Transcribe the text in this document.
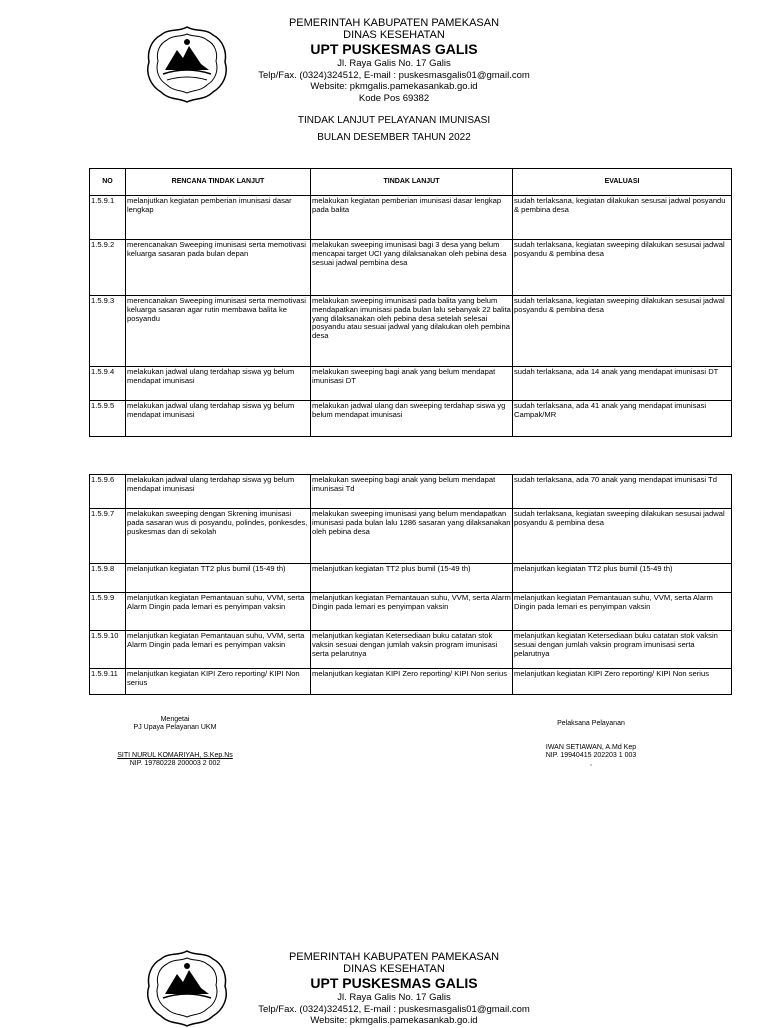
PEMERINTAH KABUPATEN PAMEKASAN
DINAS KESEHATAN
UPT PUSKESMAS GALIS
Jl. Raya Galis No. 17 Galis
Telp/Fax. (0324)324512, E-mail : puskesmasgalis01@gmail.com
Website: pkmgalis.pamekasankab.go.id
Kode Pos 69382
TINDAK LANJUT PELAYANAN IMUNISASI
BULAN DESEMBER TAHUN 2022
NO	RENCANA TINDAK LANJUT	TINDAK LANJUT	EVALUASI
1.5.9.1	melanjutkan kegiatan pemberian imunisasi dasar lengkap	melakukan kegiatan pemberian imunisasi dasar lengkap pada balita	sudah terlaksana, kegiatan dilakukan sesusai jadwal posyandu & pembina desa
1.5.9.2	merencanakan Sweeping imunisasi serta memotivasi keluarga sasaran pada bulan depan	melakukan sweeping imunisasi bagi 3 desa yang belum mencapai target UCI yang dilaksanakan oleh pebina desa sesuai jadwal pembina desa	sudah terlaksana, kegiatan sweeping dilakukan sesusai jadwal posyandu & pembina desa
1.5.9.3	merencanakan Sweeping imunisasi serta memotivasi keluarga sasaran agar rutin membawa balita ke posyandu	melakukan sweeping imunisasi pada balita yang belum mendapatkan imunisasi pada bulan lalu sebanyak 22 balita yang dilaksanakan oleh pebina desa setelah selesai posyandu atau sesuai jadwal yang dilakukan oleh pembina desa	sudah terlaksana, kegiatan sweeping dilakukan sesusai jadwal posyandu & pembina desa
1.5.9.4	melakukan jadwal ulang terdahap siswa yg belum mendapat imunisasi	melakukan sweeping bagi anak yang belum mendapat imunisasi DT	sudah terlaksana, ada 14 anak yang mendapat imunisasi DT
1.5.9.5	melakukan jadwal ulang terdahap siswa yg belum mendapat imunisasi	melakukan jadwal ulang dan sweeping terdahap siswa yg belum mendapat imunisasi	sudah terlaksana, ada 41 anak yang mendapat imunisasi Campak/MR
1.5.9.6	melakukan jadwal ulang terdahap siswa yg belum mendapat imunisasi	melakukan sweeping bagi anak yang belum mendapat imunisasi Td	sudah terlaksana, ada 70 anak yang mendapat imunisasi Td
1.5.9.7	melakukan sweeping dengan Skrening imunisasi pada sasaran wus di posyandu, polindes, ponkesdes, puskesmas dan di sekolah	melakukan sweeping imunisasi yang belum mendapatkan imunisasi pada bulan lalu 1286 sasaran yang dilaksanakan oleh pebina desa	sudah terlaksana, kegiatan sweeping dilakukan sesusai jadwal posyandu & pembina desa
1.5.9.8	melanjutkan kegiatan TT2 plus bumil (15-49 th)	melanjutkan kegiatan TT2 plus bumil (15-49 th)	melanjutkan kegiatan TT2 plus bumil (15-49 th)
1.5.9.9	melanjutkan kegiatan Pemantauan suhu, VVM, serta Alarm Dingin pada lemari es penyimpan vaksin	melanjutkan kegiatan Pemantauan suhu, VVM, serta Alarm Dingin pada lemari es penyimpan vaksin	melanjutkan kegiatan Pemantauan suhu, VVM, serta Alarm Dingin pada lemari es penyimpan vaksin
1.5.9.10	melanjutkan kegiatan Pemantauan suhu, VVM, serta Alarm Dingin pada lemari es penyimpan vaksin	melanjutkan kegiatan Ketersediaan buku catatan stok vaksin sesuai dengan jumlah vaksin program imunisasi serta pelarutnya	melanjutkan kegiatan Ketersediaan buku catatan stok vaksin sesuai dengan jumlah vaksin program imunisasi serta pelarutnya
1.5.9.11	melanjutkan kegiatan KIPI Zero reporting/ KIPI Non serius	melanjutkan kegiatan KIPI Zero reporting/ KIPI Non serius	melanjutkan kegiatan KIPI Zero reporting/ KIPI Non serius
Mengetai
PJ Upaya Pelayanan UKM
SITI NURUL KOMARIYAH, S.Kep.Ns
NIP. 19780228 200003 2 002
Pelaksana Pelayanan
IWAN SETIAWAN, A.Md Kep
NIP. 19940415 202203 1 003
,
PEMERINTAH KABUPATEN PAMEKASAN
DINAS KESEHATAN
UPT PUSKESMAS GALIS
Jl. Raya Galis No. 17 Galis
Telp/Fax. (0324)324512, E-mail : puskesmasgalis01@gmail.com
Website: pkmgalis.pamekasankab.go.id
